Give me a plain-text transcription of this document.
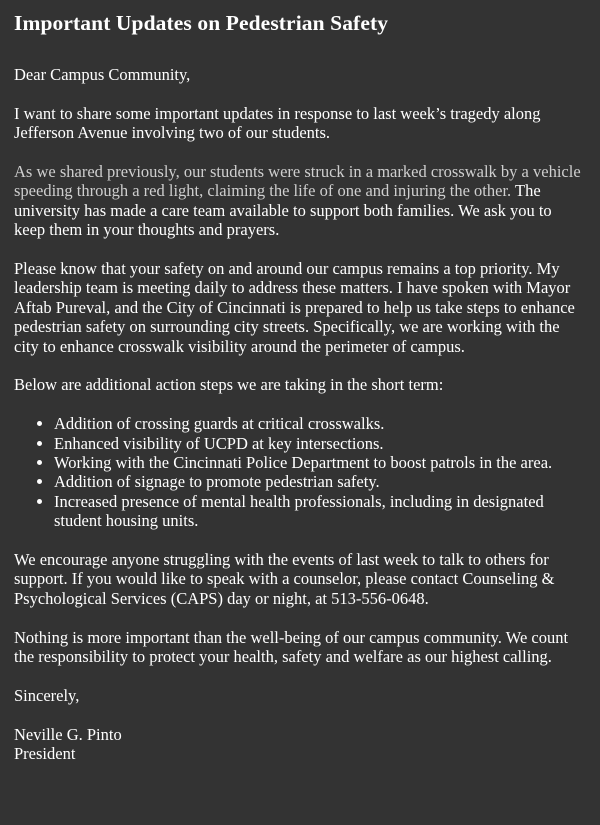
Important Updates on Pedestrian Safety

Dear Campus Community,

I want to share some important updates in response to last week’s tragedy along Jefferson Avenue involving two of our students.

As we shared previously, our students were struck in a marked crosswalk by a vehicle speeding through a red light, claiming the life of one and injuring the other. The university has made a care team available to support both families. We ask you to keep them in your thoughts and prayers.

Please know that your safety on and around our campus remains a top priority. My leadership team is meeting daily to address these matters. I have spoken with Mayor Aftab Pureval, and the City of Cincinnati is prepared to help us take steps to enhance pedestrian safety on surrounding city streets. Specifically, we are working with the city to enhance crosswalk visibility around the perimeter of campus.

Below are additional action steps we are taking in the short term:

• Addition of crossing guards at critical crosswalks.
• Enhanced visibility of UCPD at key intersections.
• Working with the Cincinnati Police Department to boost patrols in the area.
• Addition of signage to promote pedestrian safety.
• Increased presence of mental health professionals, including in designated student housing units.

We encourage anyone struggling with the events of last week to talk to others for support. If you would like to speak with a counselor, please contact Counseling & Psychological Services (CAPS) day or night, at 513-556-0648.

Nothing is more important than the well-being of our campus community. We count the responsibility to protect your health, safety and welfare as our highest calling.

Sincerely,

Neville G. Pinto

President
